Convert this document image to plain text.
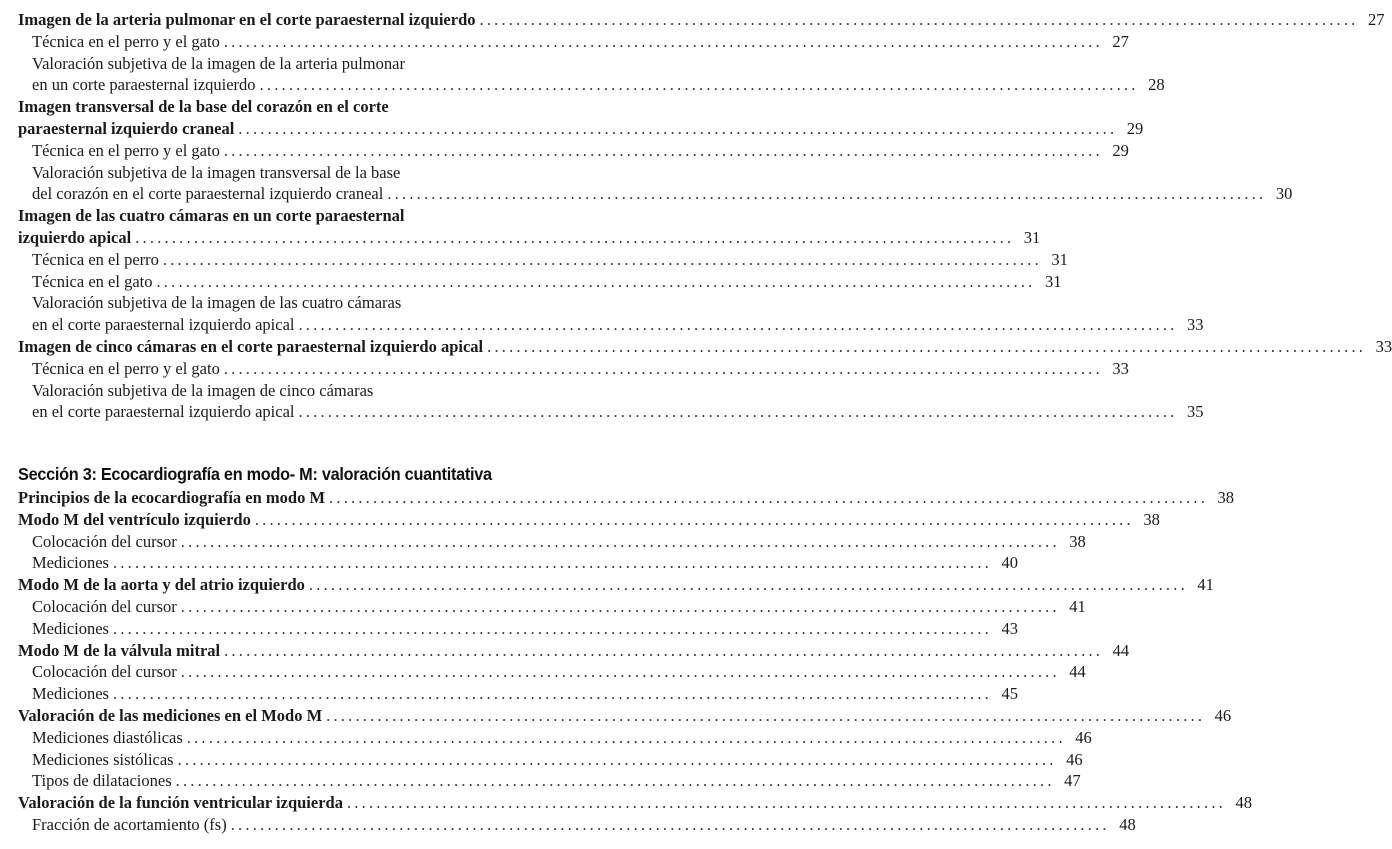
Imagen de la arteria pulmonar en el corte paraesternal izquierdo ........................................................................................................................ 27
Técnica en el perro y el gato ........................................................................................................................ 27
Valoración subjetiva de la imagen de la arteria pulmonar
en un corte paraesternal izquierdo ........................................................................................................................ 28
Imagen transversal de la base del corazón en el corte
paraesternal izquierdo craneal ........................................................................................................................ 29
Técnica en el perro y el gato ........................................................................................................................ 29
Valoración subjetiva de la imagen transversal de la base
del corazón en el corte paraesternal izquierdo craneal ........................................................................................................................ 30
Imagen de las cuatro cámaras en un corte paraesternal
izquierdo apical ........................................................................................................................ 31
Técnica en el perro ........................................................................................................................ 31
Técnica en el gato ........................................................................................................................ 31
Valoración subjetiva de la imagen de las cuatro cámaras
en el corte paraesternal izquierdo apical ........................................................................................................................ 33
Imagen de cinco cámaras en el corte paraesternal izquierdo apical ........................................................................................................................ 33
Técnica en el perro y el gato ........................................................................................................................ 33
Valoración subjetiva de la imagen de cinco cámaras
en el corte paraesternal izquierdo apical ........................................................................................................................ 35
Sección 3: Ecocardiografía en modo- M: valoración cuantitativa
Principios de la ecocardiografía en modo M ........................................................................................................................ 38
Modo M del ventrículo izquierdo ........................................................................................................................ 38
Colocación del cursor ........................................................................................................................ 38
Mediciones ........................................................................................................................ 40
Modo M de la aorta y del atrio izquierdo ........................................................................................................................ 41
Colocación del cursor ........................................................................................................................ 41
Mediciones ........................................................................................................................ 43
Modo M de la válvula mitral ........................................................................................................................ 44
Colocación del cursor ........................................................................................................................ 44
Mediciones ........................................................................................................................ 45
Valoración de las mediciones en el Modo M ........................................................................................................................ 46
Mediciones diastólicas ........................................................................................................................ 46
Mediciones sistólicas ........................................................................................................................ 46
Tipos de dilataciones ........................................................................................................................ 47
Valoración de la función ventricular izquierda ........................................................................................................................ 48
Fracción de acortamiento (fs) ........................................................................................................................ 48
